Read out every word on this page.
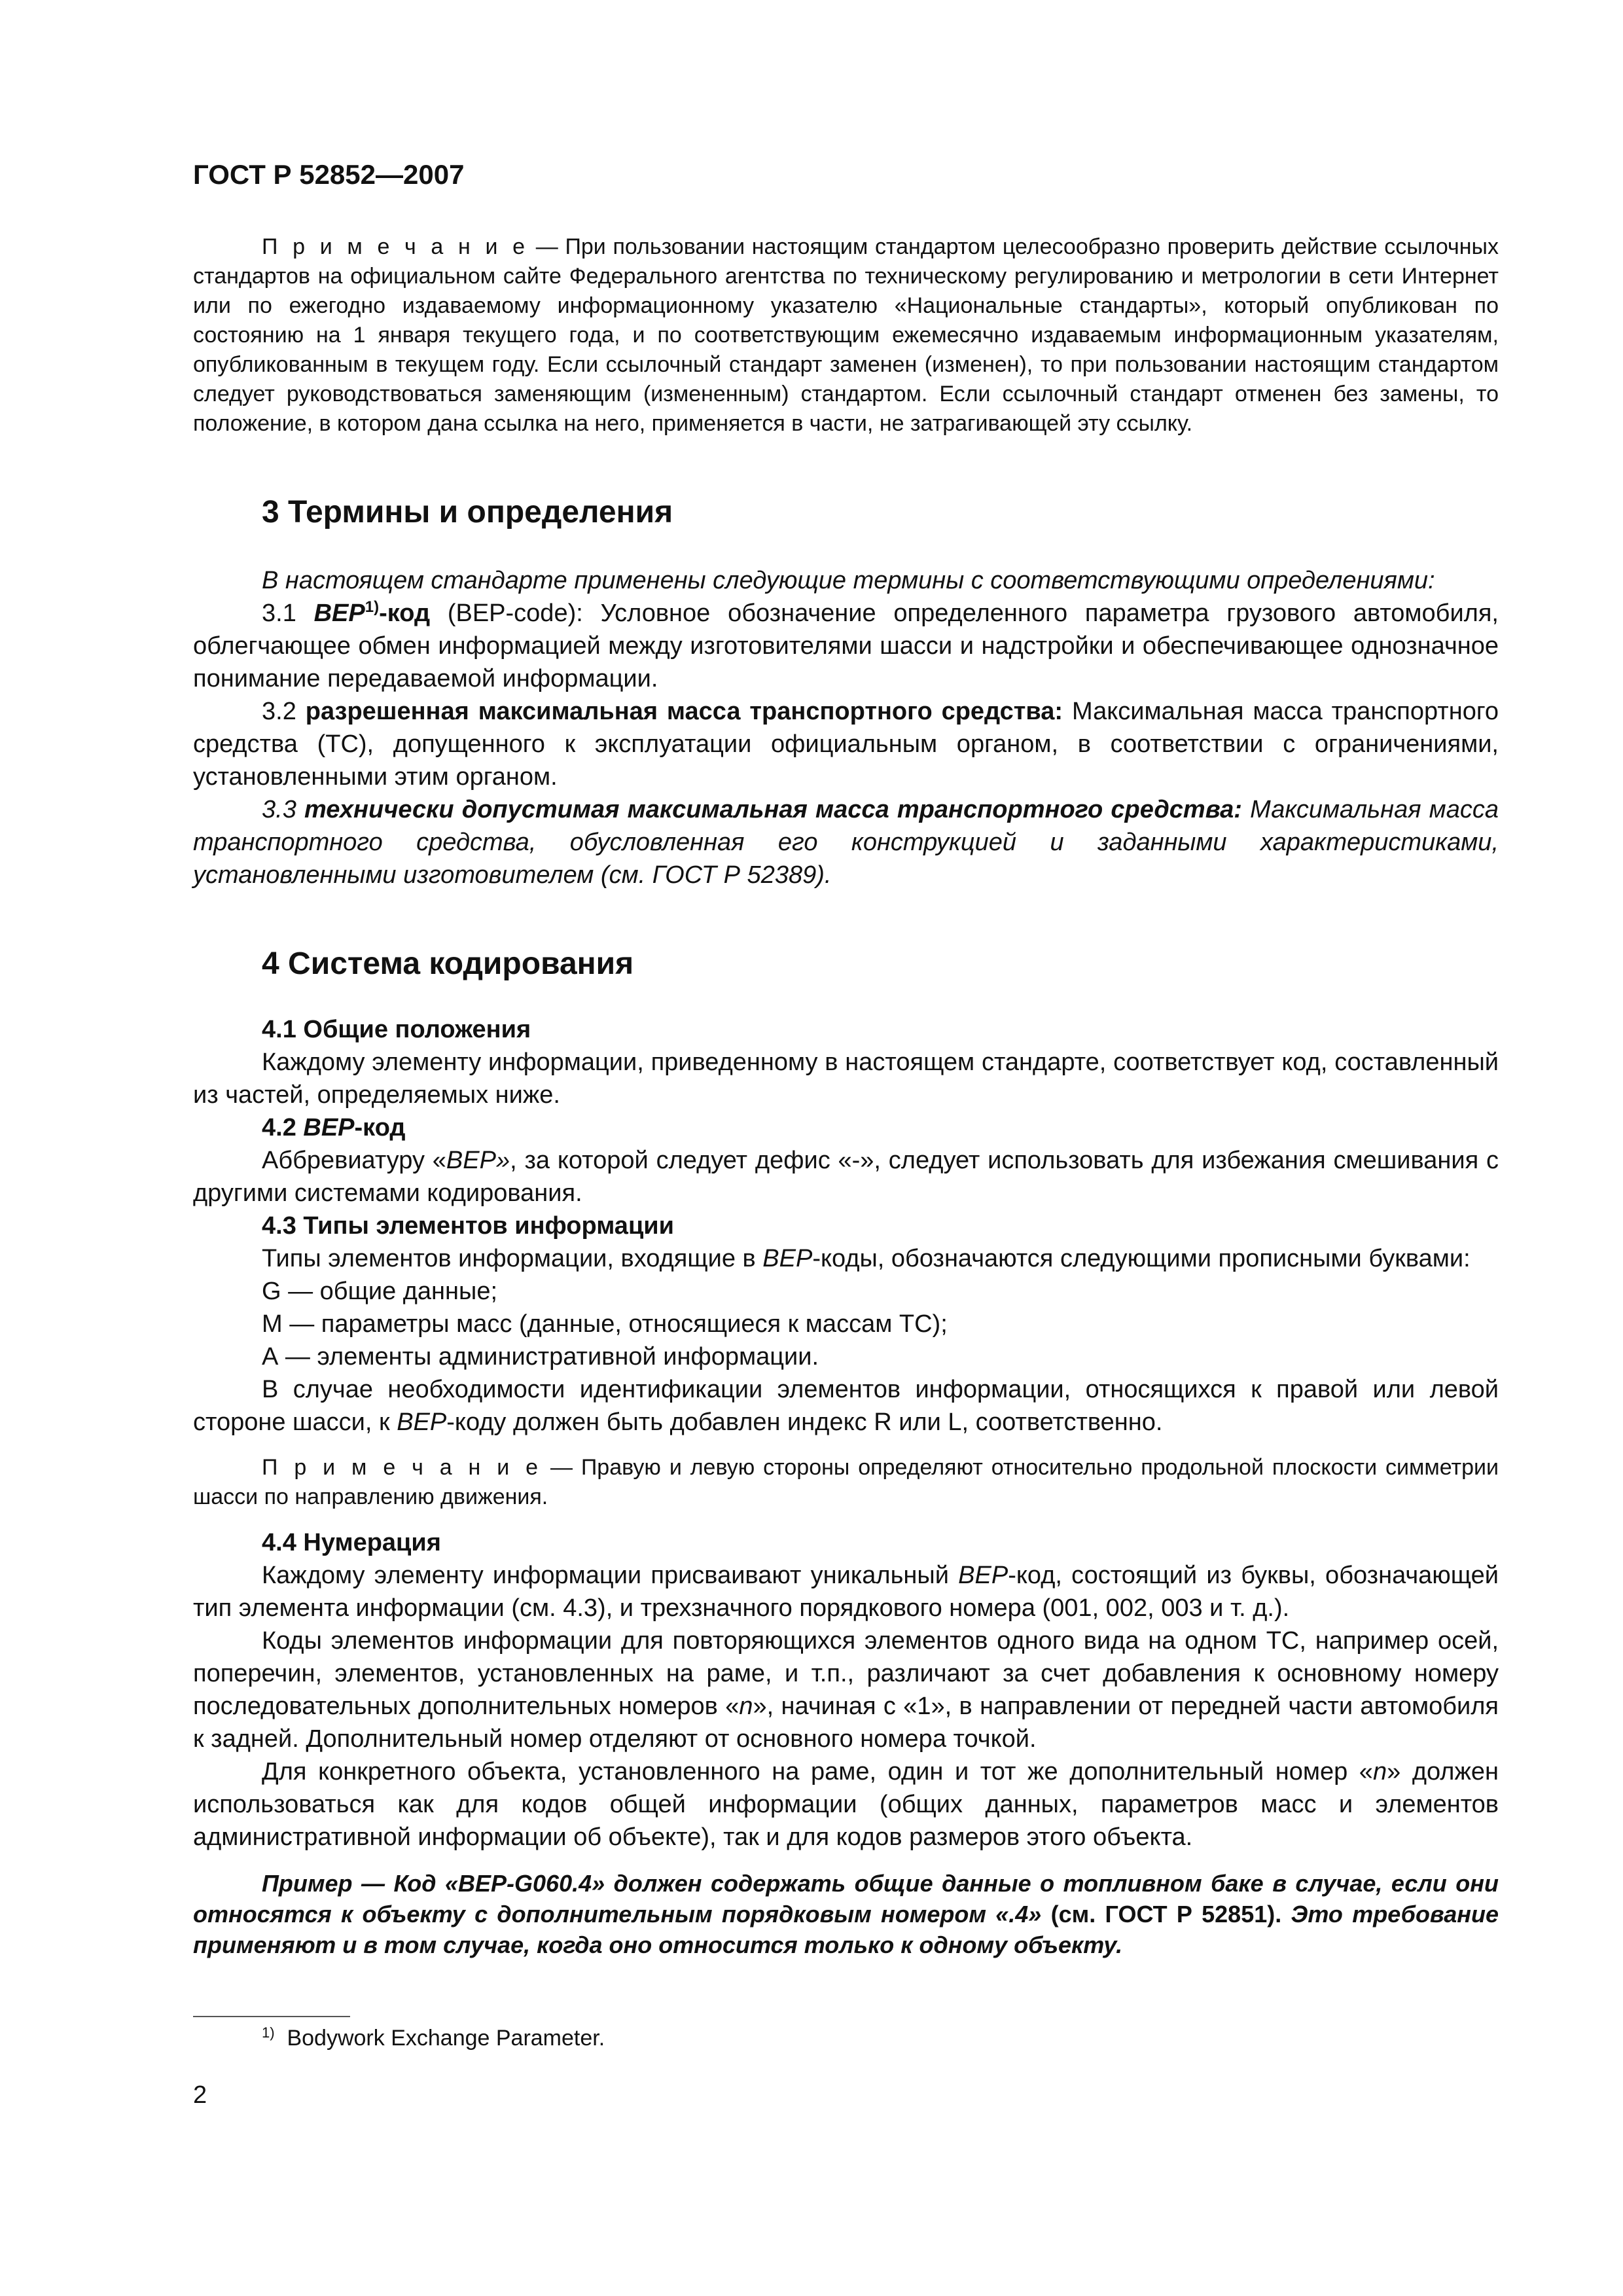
ГОСТ Р 52852—2007

П р и м е ч а н и е — При пользовании настоящим стандартом целесообразно проверить действие ссылочных стандартов на официальном сайте Федерального агентства по техническому регулированию и метрологии в сети Интернет или по ежегодно издаваемому информационному указателю «Национальные стандарты», который опубликован по состоянию на 1 января текущего года, и по соответствующим ежемесячно издаваемым информационным указателям, опубликованным в текущем году. Если ссылочный стандарт заменен (изменен), то при пользовании настоящим стандартом следует руководствоваться заменяющим (измененным) стандартом. Если ссылочный стандарт отменен без замены, то положение, в котором дана ссылка на него, применяется в части, не затрагивающей эту ссылку.

3 Термины и определения

В настоящем стандарте применены следующие термины с соответствующими определениями:

3.1 BEP$^{1)}$-код (BEP-code): Условное обозначение определенного параметра грузового автомобиля, облегчающее обмен информацией между изготовителями шасси и надстройки и обеспечивающее однозначное понимание передаваемой информации.

3.2 разрешенная максимальная масса транспортного средства: Максимальная масса транспортного средства (ТС), допущенного к эксплуатации официальным органом, в соответствии с ограничениями, установленными этим органом.

3.3 технически допустимая максимальная масса транспортного средства: Максимальная масса транспортного средства, обусловленная его конструкцией и заданными характеристиками, установленными изготовителем (см. ГОСТ Р 52389).

4 Система кодирования

4.1 Общие положения

Каждому элементу информации, приведенному в настоящем стандарте, соответствует код, составленный из частей, определяемых ниже.

4.2 BEP-код

Аббревиатуру «BEP», за которой следует дефис «-», следует использовать для избежания смешивания с другими системами кодирования.

4.3 Типы элементов информации

Типы элементов информации, входящие в BEP-коды, обозначаются следующими прописными буквами:

G — общие данные;

M — параметры масс (данные, относящиеся к массам ТС);

А — элементы административной информации.

В случае необходимости идентификации элементов информации, относящихся к правой или левой стороне шасси, к BEP-коду должен быть добавлен индекс R или L, соответственно.

П р и м е ч а н и е — Правую и левую стороны определяют относительно продольной плоскости симметрии шасси по направлению движения.

4.4 Нумерация

Каждому элементу информации присваивают уникальный BEP-код, состоящий из буквы, обозначающей тип элемента информации (см. 4.3), и трехзначного порядкового номера (001, 002, 003 и т. д.).

Коды элементов информации для повторяющихся элементов одного вида на одном ТС, например осей, поперечин, элементов, установленных на раме, и т.п., различают за счет добавления к основному номеру последовательных дополнительных номеров «n», начиная с «1», в направлении от передней части автомобиля к задней. Дополнительный номер отделяют от основного номера точкой.

Для конкретного объекта, установленного на раме, один и тот же дополнительный номер «n» должен использоваться как для кодов общей информации (общих данных, параметров масс и элементов административной информации об объекте), так и для кодов размеров этого объекта.

Пример — Код «BEP-G060.4» должен содержать общие данные о топливном баке в случае, если они относятся к объекту с дополнительным порядковым номером «.4» (см. ГОСТ Р 52851). Это требование применяют и в том случае, когда оно относится только к одному объекту.

$^{1)}$ Bodywork Exchange Parameter.
2
